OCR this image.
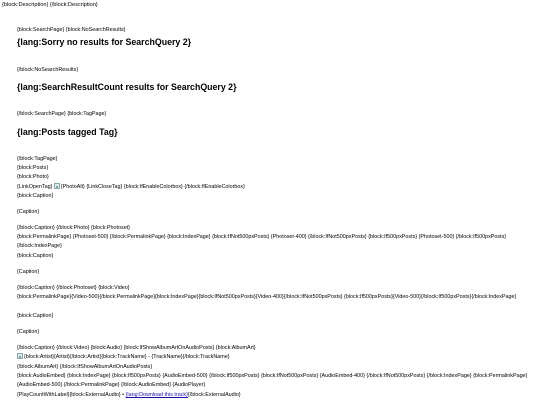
{block:Description} {/block:Description}
{block:SearchPage} {block:NoSearchResults}
{lang:Sorry no results for SearchQuery 2}
{/block:NoSearchResults}
{lang:SearchResultCount results for SearchQuery 2}
{/block:SearchPage} {block:TagPage}
{lang:Posts tagged Tag}
{/block:TagPage}
{block:Posts}
{block:Photo}
{LinkOpenTag} {PhotoAlt} {LinkCloseTag} {block:IfEnableColorbox} {/block:IfEnableColorbox}
{block:Caption}
{Caption}
{/block:Caption} {/block:Photo} {block:Photoset}
{block:PermalinkPage} {Photoset-500} {/block:PermalinkPage} {block:IndexPage} {block:IfNot500pxPosts} {Photoset-400} {/block:IfNot500pxPosts} {block:If500pxPosts} {Photoset-500} {/block:If500pxPosts} {/block:IndexPage}
{block:Caption}
{Caption}
{/block:Caption} {/block:Photoset} {block:Video}
{block:PermalinkPage}{Video-500}{/block:PermalinkPage}{block:IndexPage}{block:IfNot500pxPosts}{Video-400}{/block:IfNot500pxPosts} {block:If500pxPosts}{Video-500}{/block:If500pxPosts}{/block:IndexPage}
{block:Caption}
{Caption}
{/block:Caption} {/block:Video} {block:Audio} {block:IfShowAlbumArtOnAudioPosts} {block:AlbumArt}
{block:Artist}{Artist}{/block:Artist}{block:TrackName} - {TrackName}{/block:TrackName}
{/block:AlbumArt} {/block:IfShowAlbumArtOnAudioPosts}
{block:AudioEmbed} {block:IndexPage} {block:If500pxPosts} {AudioEmbed-500} {/block:If500pxPosts} {block:IfNot500pxPosts} {AudioEmbed-400} {/block:IfNot500pxPosts} {/block:IndexPage} {block:PermalinkPage} {AudioEmbed-500} {/block:PermalinkPage} {/block:AudioEmbed} {AudioPlayer}
{PlayCountWithLabel}{block:ExternalAudio} • {lang:Download this track}{/block:ExternalAudio}
